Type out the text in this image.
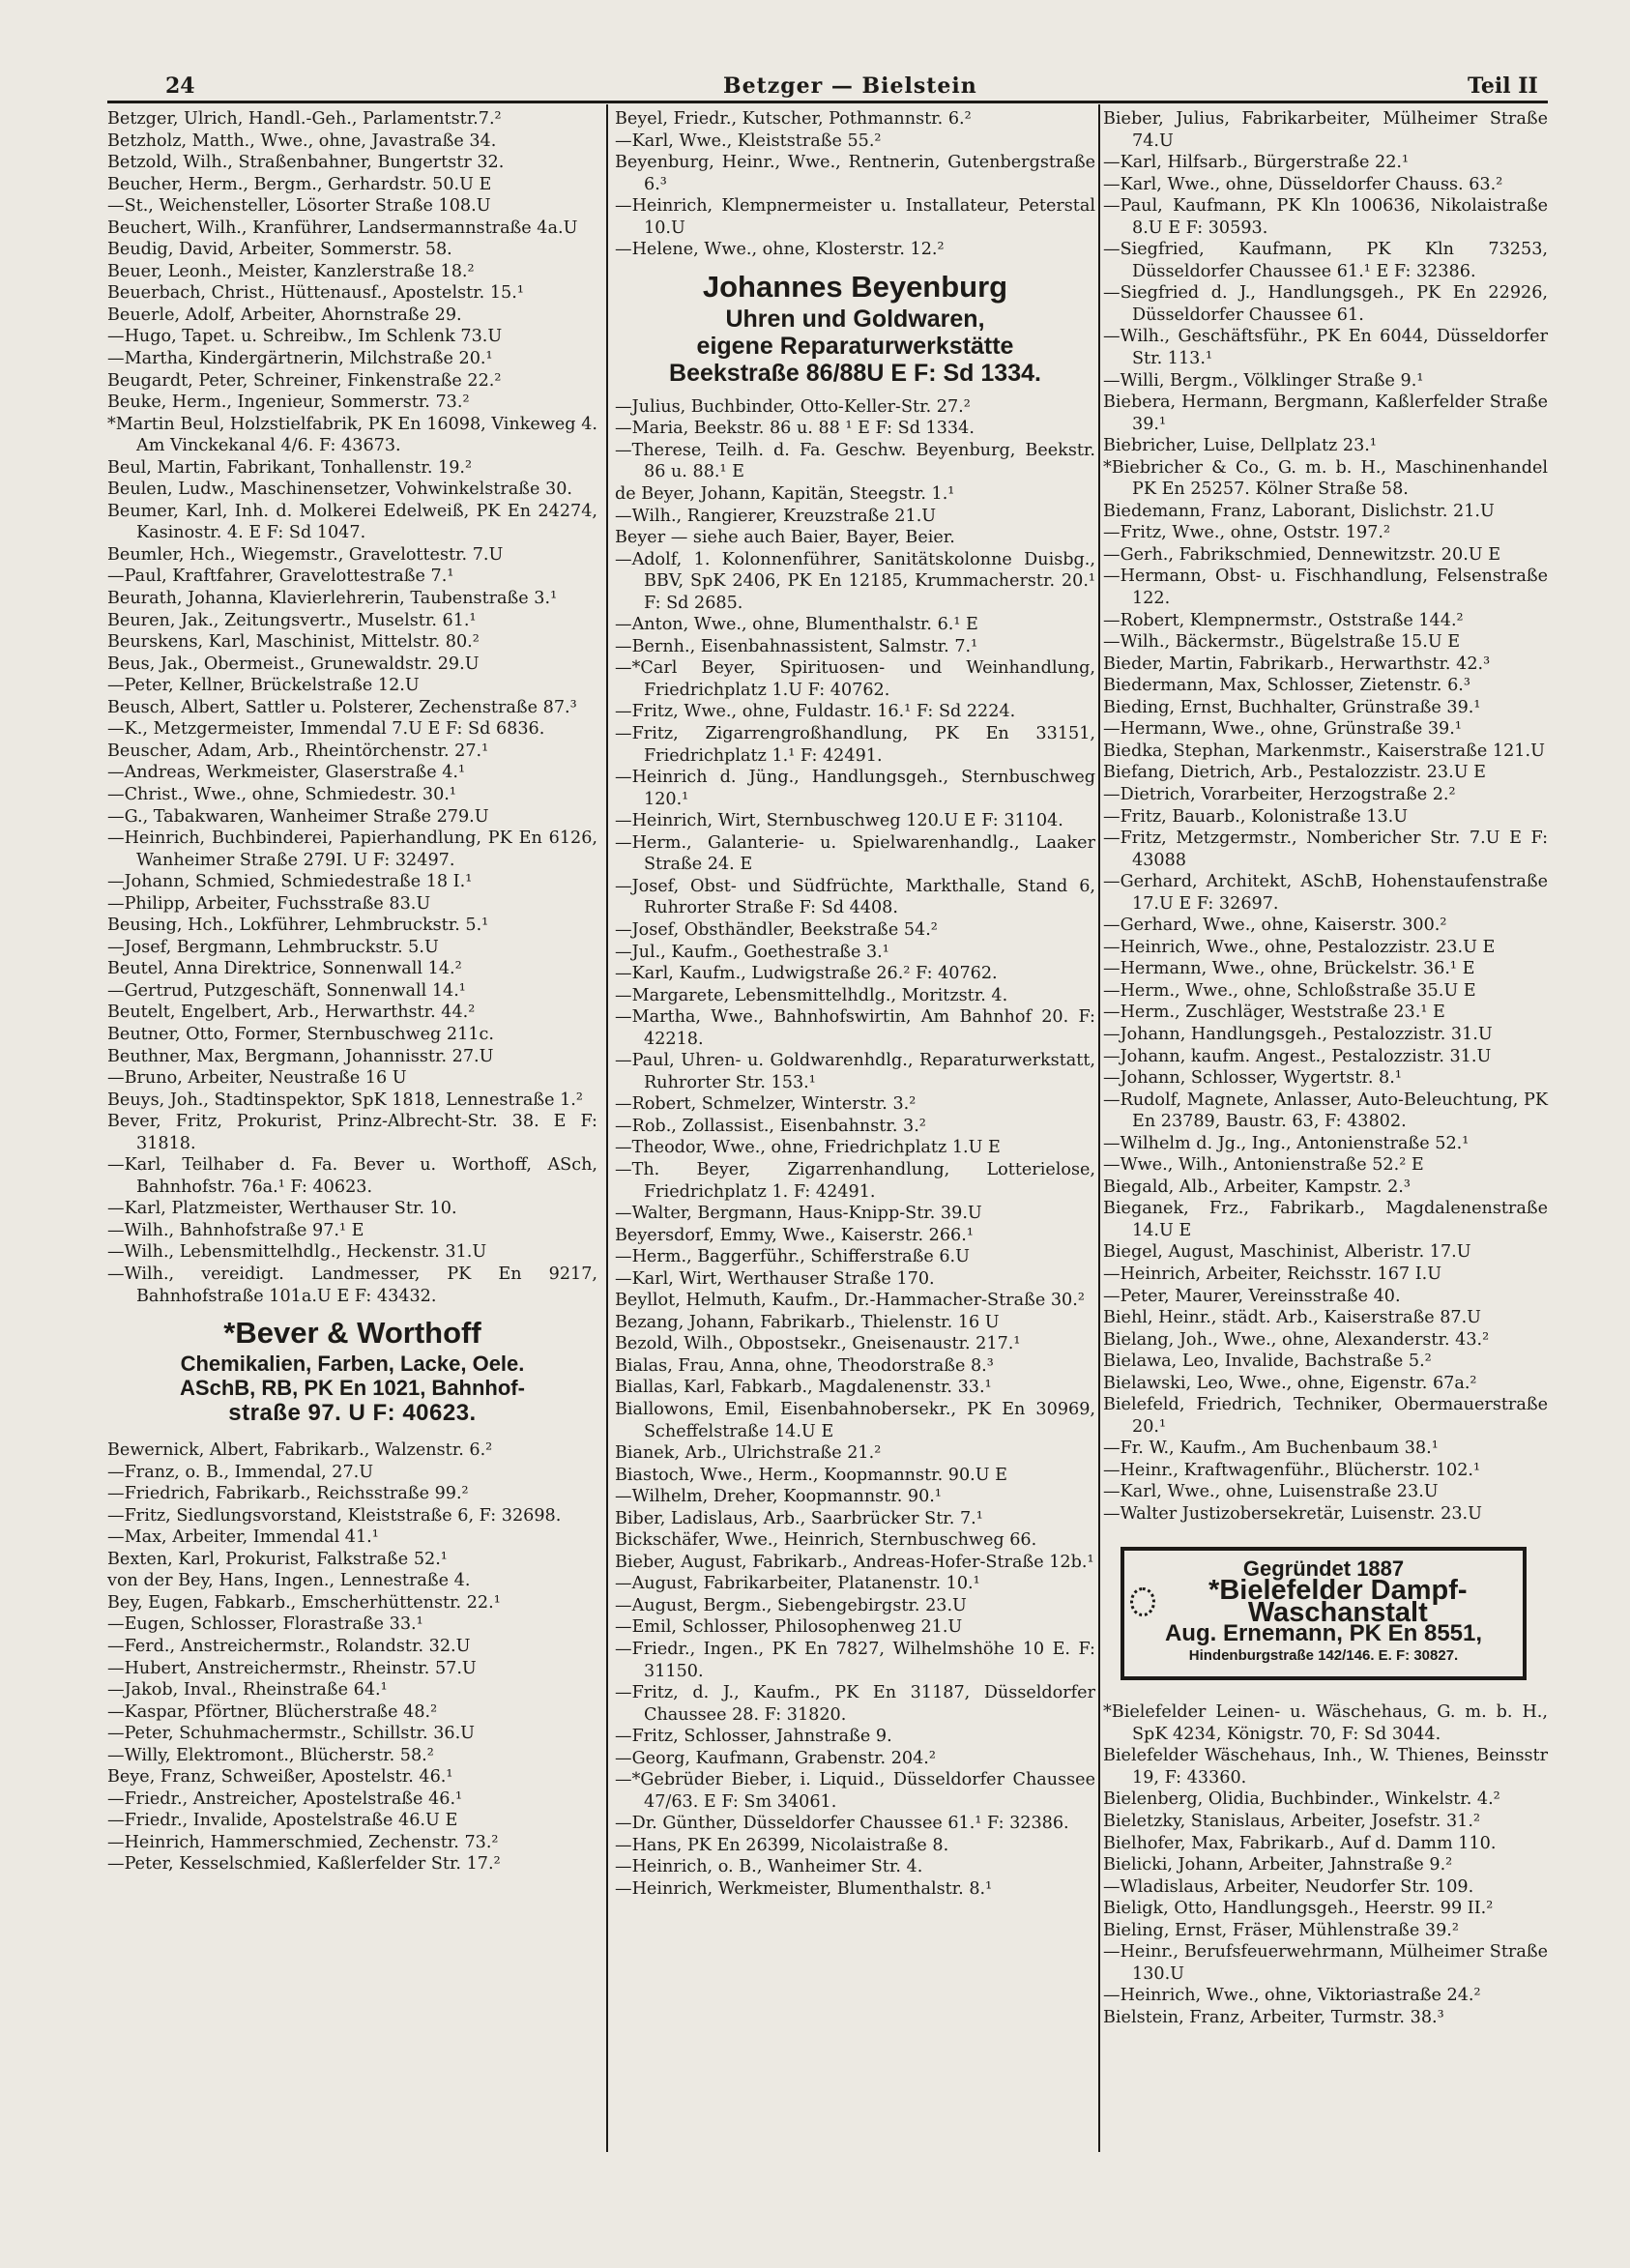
24	Betzger — Bielstein	Teil II
Betzger, Ulrich, Handl.-Geh., Parlamentstr.7.²
Betzholz, Matth., Wwe., ohne, Javastraße 34.
Betzold, Wilh., Straßenbahner, Bungertstr 32.
Beucher, Herm., Bergm., Gerhardstr. 50.U E
—St., Weichensteller, Lösorter Straße 108.U
Beuchert, Wilh., Kranführer, Landsermannstraße 4a.U
Beudig, David, Arbeiter, Sommerstr. 58.
Beuer, Leonh., Meister, Kanzlerstraße 18.²
Beuerbach, Christ., Hüttenausf., Apostelstr. 15.¹
Beuerle, Adolf, Arbeiter, Ahornstraße 29.
—Hugo, Tapet. u. Schreibw., Im Schlenk 73.U
—Martha, Kindergärtnerin, Milchstraße 20.¹
Beugardt, Peter, Schreiner, Finkenstraße 22.²
Beuke, Herm., Ingenieur, Sommerstr. 73.²
*Martin Beul, Holzstielfabrik, PK En 16098, Vinkeweg 4. Am Vinckekanal 4/6. F: 43673.
Beul, Martin, Fabrikant, Tonhallenstr. 19.²
Beulen, Ludw., Maschinensetzer, Vohwinkelstraße 30.
Beumer, Karl, Inh. d. Molkerei Edelweiß, PK En 24274, Kasinostr. 4. E F: Sd 1047.
Beumler, Hch., Wiegemstr., Gravelottestr. 7.U
—Paul, Kraftfahrer, Gravelottestraße 7.¹
Beurath, Johanna, Klavierlehrerin, Taubenstraße 3.¹
Beuren, Jak., Zeitungsvertr., Muselstr. 61.¹
Beurskens, Karl, Maschinist, Mittelstr. 80.²
Beus, Jak., Obermeist., Grunewaldstr. 29.U
—Peter, Kellner, Brückelstraße 12.U
Beusch, Albert, Sattler u. Polsterer, Zechenstraße 87.³
—K., Metzgermeister, Immendal 7.U E F: Sd 6836.
Beuscher, Adam, Arb., Rheintörchenstr. 27.¹
—Andreas, Werkmeister, Glaserstraße 4.¹
—Christ., Wwe., ohne, Schmiedestr. 30.¹
—G., Tabakwaren, Wanheimer Straße 279.U
—Heinrich, Buchbinderei, Papierhandlung, PK En 6126, Wanheimer Straße 279I. U F: 32497.
—Johann, Schmied, Schmiedestraße 18 I.¹
—Philipp, Arbeiter, Fuchsstraße 83.U
Beusing, Hch., Lokführer, Lehmbruckstr. 5.¹
—Josef, Bergmann, Lehmbruckstr. 5.U
Beutel, Anna Direktrice, Sonnenwall 14.²
—Gertrud, Putzgeschäft, Sonnenwall 14.¹
Beutelt, Engelbert, Arb., Herwarthstr. 44.²
Beutner, Otto, Former, Sternbuschweg 211c.
Beuthner, Max, Bergmann, Johannisstr. 27.U
—Bruno, Arbeiter, Neustraße 16 U
Beuys, Joh., Stadtinspektor, SpK 1818, Lennestraße 1.²
Bever, Fritz, Prokurist, Prinz-Albrecht-Str. 38. E F: 31818.
—Karl, Teilhaber d. Fa. Bever u. Worthoff, ASch, Bahnhofstr. 76a.¹ F: 40623.
—Karl, Platzmeister, Werthauser Str. 10.
—Wilh., Bahnhofstraße 97.¹ E
—Wilh., Lebensmittelhdlg., Heckenstr. 31.U
—Wilh., vereidigt. Landmesser, PK En 9217, Bahnhofstraße 101a.U E F: 43432.
*Bever & Worthoff
Chemikalien, Farben, Lacke, Oele.
ASchB, RB, PK En 1021, Bahnhof-
straße 97. U F: 40623.
Bewernick, Albert, Fabrikarb., Walzenstr. 6.²
—Franz, o. B., Immendal, 27.U
—Friedrich, Fabrikarb., Reichsstraße 99.²
—Fritz, Siedlungsvorstand, Kleiststraße 6, F: 32698.
—Max, Arbeiter, Immendal 41.¹
Bexten, Karl, Prokurist, Falkstraße 52.¹
von der Bey, Hans, Ingen., Lennestraße 4.
Bey, Eugen, Fabkarb., Emscherhüttenstr. 22.¹
—Eugen, Schlosser, Florastraße 33.¹
—Ferd., Anstreichermstr., Rolandstr. 32.U
—Hubert, Anstreichermstr., Rheinstr. 57.U
—Jakob, Inval., Rheinstraße 64.¹
—Kaspar, Pförtner, Blücherstraße 48.²
—Peter, Schuhmachermstr., Schillstr. 36.U
—Willy, Elektromont., Blücherstr. 58.²
Beye, Franz, Schweißer, Apostelstr. 46.¹
—Friedr., Anstreicher, Apostelstraße 46.¹
—Friedr., Invalide, Apostelstraße 46.U E
—Heinrich, Hammerschmied, Zechenstr. 73.²
—Peter, Kesselschmied, Kaßlerfelder Str. 17.²
Beyel, Friedr., Kutscher, Pothmannstr. 6.²
—Karl, Wwe., Kleiststraße 55.²
Beyenburg, Heinr., Wwe., Rentnerin, Gutenbergstraße 6.³
—Heinrich, Klempnermeister u. Installateur, Peterstal 10.U
—Helene, Wwe., ohne, Klosterstr. 12.²
Johannes Beyenburg
Uhren und Goldwaren,
eigene Reparaturwerkstätte
Beekstraße 86/88U E F: Sd 1334.
—Julius, Buchbinder, Otto-Keller-Str. 27.²
—Maria, Beekstr. 86 u. 88 ¹ E F: Sd 1334.
—Therese, Teilh. d. Fa. Geschw. Beyenburg, Beekstr. 86 u. 88.¹ E
de Beyer, Johann, Kapitän, Steegstr. 1.¹
—Wilh., Rangierer, Kreuzstraße 21.U
Beyer — siehe auch Baier, Bayer, Beier.
—Adolf, 1. Kolonnenführer, Sanitätskolonne Duisbg., BBV, SpK 2406, PK En 12185, Krummacherstr. 20.¹ F: Sd 2685.
—Anton, Wwe., ohne, Blumenthalstr. 6.¹ E
—Bernh., Eisenbahnassistent, Salmstr. 7.¹
—*Carl Beyer, Spirituosen- und Weinhandlung, Friedrichplatz 1.U F: 40762.
—Fritz, Wwe., ohne, Fuldastr. 16.¹ F: Sd 2224.
—Fritz, Zigarrengroßhandlung, PK En 33151, Friedrichplatz 1.¹ F: 42491.
—Heinrich d. Jüng., Handlungsgeh., Sternbuschweg 120.¹
—Heinrich, Wirt, Sternbuschweg 120.U E F: 31104.
—Herm., Galanterie- u. Spielwarenhandlg., Laaker Straße 24. E
—Josef, Obst- und Südfrüchte, Markthalle, Stand 6, Ruhrorter Straße F: Sd 4408.
—Josef, Obsthändler, Beekstraße 54.²
—Jul., Kaufm., Goethestraße 3.¹
—Karl, Kaufm., Ludwigstraße 26.² F: 40762.
—Margarete, Lebensmittelhdlg., Moritzstr. 4.
—Martha, Wwe., Bahnhofswirtin, Am Bahnhof 20. F: 42218.
—Paul, Uhren- u. Goldwarenhdlg., Reparaturwerkstatt, Ruhrorter Str. 153.¹
—Robert, Schmelzer, Winterstr. 3.²
—Rob., Zollassist., Eisenbahnstr. 3.²
—Theodor, Wwe., ohne, Friedrichplatz 1.U E
—Th. Beyer, Zigarrenhandlung, Lotterielose, Friedrichplatz 1. F: 42491.
—Walter, Bergmann, Haus-Knipp-Str. 39.U
Beyersdorf, Emmy, Wwe., Kaiserstr. 266.¹
—Herm., Baggerführ., Schifferstraße 6.U
—Karl, Wirt, Werthauser Straße 170.
Beyllot, Helmuth, Kaufm., Dr.-Hammacher-Straße 30.²
Bezang, Johann, Fabrikarb., Thielenstr. 16 U
Bezold, Wilh., Obpostsekr., Gneisenaustr. 217.¹
Bialas, Frau, Anna, ohne, Theodorstraße 8.³
Biallas, Karl, Fabkarb., Magdalenenstr. 33.¹
Biallowons, Emil, Eisenbahnobersekr., PK En 30969, Scheffelstraße 14.U E
Bianek, Arb., Ulrichstraße 21.²
Biastoch, Wwe., Herm., Koopmannstr. 90.U E
—Wilhelm, Dreher, Koopmannstr. 90.¹
Biber, Ladislaus, Arb., Saarbrücker Str. 7.¹
Bickschäfer, Wwe., Heinrich, Sternbuschweg 66.
Bieber, August, Fabrikarb., Andreas-Hofer-Straße 12b.¹
—August, Fabrikarbeiter, Platanenstr. 10.¹
—August, Bergm., Siebengebirgstr. 23.U
—Emil, Schlosser, Philosophenweg 21.U
—Friedr., Ingen., PK En 7827, Wilhelmshöhe 10 E. F: 31150.
—Fritz, d. J., Kaufm., PK En 31187, Düsseldorfer Chaussee 28. F: 31820.
—Fritz, Schlosser, Jahnstraße 9.
—Georg, Kaufmann, Grabenstr. 204.²
—*Gebrüder Bieber, i. Liquid., Düsseldorfer Chaussee 47/63. E F: Sm 34061.
—Dr. Günther, Düsseldorfer Chaussee 61.¹ F: 32386.
—Hans, PK En 26399, Nicolaistraße 8.
—Heinrich, o. B., Wanheimer Str. 4.
—Heinrich, Werkmeister, Blumenthalstr. 8.¹
Bieber, Julius, Fabrikarbeiter, Mülheimer Straße 74.U
—Karl, Hilfsarb., Bürgerstraße 22.¹
—Karl, Wwe., ohne, Düsseldorfer Chauss. 63.²
—Paul, Kaufmann, PK Kln 100636, Nikolaistraße 8.U E F: 30593.
—Siegfried, Kaufmann, PK Kln 73253, Düsseldorfer Chaussee 61.¹ E F: 32386.
—Siegfried d. J., Handlungsgeh., PK En 22926, Düsseldorfer Chaussee 61.
—Wilh., Geschäftsführ., PK En 6044, Düsseldorfer Str. 113.¹
—Willi, Bergm., Völklinger Straße 9.¹
Biebera, Hermann, Bergmann, Kaßlerfelder Straße 39.¹
Biebricher, Luise, Dellplatz 23.¹
*Biebricher & Co., G. m. b. H., Maschinenhandel PK En 25257. Kölner Straße 58.
Biedemann, Franz, Laborant, Dislichstr. 21.U
—Fritz, Wwe., ohne, Oststr. 197.²
—Gerh., Fabrikschmied, Dennewitzstr. 20.U E
—Hermann, Obst- u. Fischhandlung, Felsenstraße 122.
—Robert, Klempnermstr., Oststraße 144.²
—Wilh., Bäckermstr., Bügelstraße 15.U E
Bieder, Martin, Fabrikarb., Herwarthstr. 42.³
Biedermann, Max, Schlosser, Zietenstr. 6.³
Bieding, Ernst, Buchhalter, Grünstraße 39.¹
—Hermann, Wwe., ohne, Grünstraße 39.¹
Biedka, Stephan, Markenmstr., Kaiserstraße 121.U
Biefang, Dietrich, Arb., Pestalozzistr. 23.U E
—Dietrich, Vorarbeiter, Herzogstraße 2.²
—Fritz, Bauarb., Kolonistraße 13.U
—Fritz, Metzgermstr., Nombericher Str. 7.U E F: 43088
—Gerhard, Architekt, ASchB, Hohenstaufenstraße 17.U E F: 32697.
—Gerhard, Wwe., ohne, Kaiserstr. 300.²
—Heinrich, Wwe., ohne, Pestalozzistr. 23.U E
—Hermann, Wwe., ohne, Brückelstr. 36.¹ E
—Herm., Wwe., ohne, Schloßstraße 35.U E
—Herm., Zuschläger, Weststraße 23.¹ E
—Johann, Handlungsgeh., Pestalozzistr. 31.U
—Johann, kaufm. Angest., Pestalozzistr. 31.U
—Johann, Schlosser, Wygertstr. 8.¹
—Rudolf, Magnete, Anlasser, Auto-Beleuchtung, PK En 23789, Baustr. 63, F: 43802.
—Wilhelm d. Jg., Ing., Antonienstraße 52.¹
—Wwe., Wilh., Antonienstraße 52.² E
Biegald, Alb., Arbeiter, Kampstr. 2.³
Bieganek, Frz., Fabrikarb., Magdalenenstraße 14.U E
Biegel, August, Maschinist, Alberistr. 17.U
—Heinrich, Arbeiter, Reichsstr. 167 I.U
—Peter, Maurer, Vereinsstraße 40.
Biehl, Heinr., städt. Arb., Kaiserstraße 87.U
Bielang, Joh., Wwe., ohne, Alexanderstr. 43.²
Bielawa, Leo, Invalide, Bachstraße 5.²
Bielawski, Leo, Wwe., ohne, Eigenstr. 67a.²
Bielefeld, Friedrich, Techniker, Obermauerstraße 20.¹
—Fr. W., Kaufm., Am Buchenbaum 38.¹
—Heinr., Kraftwagenführ., Blücherstr. 102.¹
—Karl, Wwe., ohne, Luisenstraße 23.U
—Walter Justizobersekretär, Luisenstr. 23.U
Gegründet 1887
*Bielefelder Dampf-Waschanstalt
Aug. Ernemann, PK En 8551,
Hindenburgstraße 142/146. E. F: 30827.
*Bielefelder Leinen- u. Wäschehaus, G. m. b. H., SpK 4234, Königstr. 70, F: Sd 3044.
Bielefelder Wäschehaus, Inh., W. Thienes, Beinsstr 19, F: 43360.
Bielenberg, Olidia, Buchbinder., Winkelstr. 4.²
Bieletzky, Stanislaus, Arbeiter, Josefstr. 31.²
Bielhofer, Max, Fabrikarb., Auf d. Damm 110.
Bielicki, Johann, Arbeiter, Jahnstraße 9.²
—Wladislaus, Arbeiter, Neudorfer Str. 109.
Bieligk, Otto, Handlungsgeh., Heerstr. 99 II.²
Bieling, Ernst, Fräser, Mühlenstraße 39.²
—Heinr., Berufsfeuerwehrmann, Mülheimer Straße 130.U
—Heinrich, Wwe., ohne, Viktoriastraße 24.²
Bielstein, Franz, Arbeiter, Turmstr. 38.³
